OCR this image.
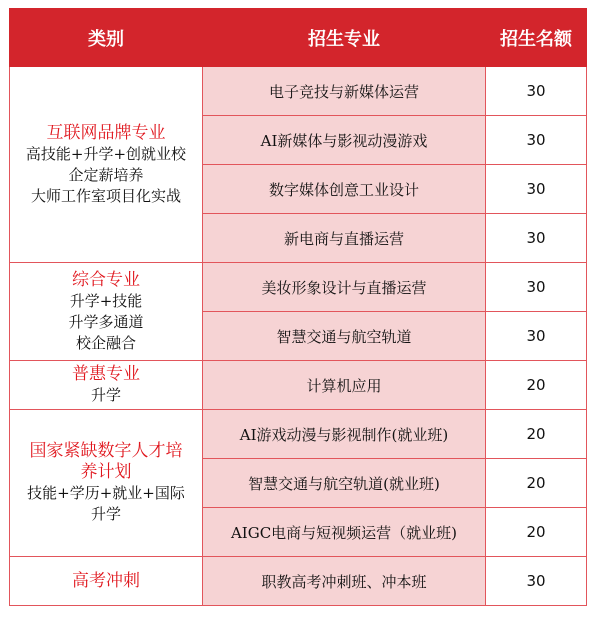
类别	招生专业	招生名额

互联网品牌专业
高技能+升学+创就业校
企定薪培养
大师工作室项目化实战	电子竞技与新媒体运营	30
	AI新媒体与影视动漫游戏	30
	数字媒体创意工业设计	30
	新电商与直播运营	30

综合专业
升学+技能
升学多通道
校企融合	美妆形象设计与直播运营	30
	智慧交通与航空轨道	30

普惠专业
升学	计算机应用	20

国家紧缺数字人才培
养计划
技能+学历+就业+国际
升学	AI游戏动漫与影视制作(就业班)	20
	智慧交通与航空轨道(就业班)	20
	AIGC电商与短视频运营（就业班)	20

高考冲刺	职教高考冲刺班、冲本班	30
